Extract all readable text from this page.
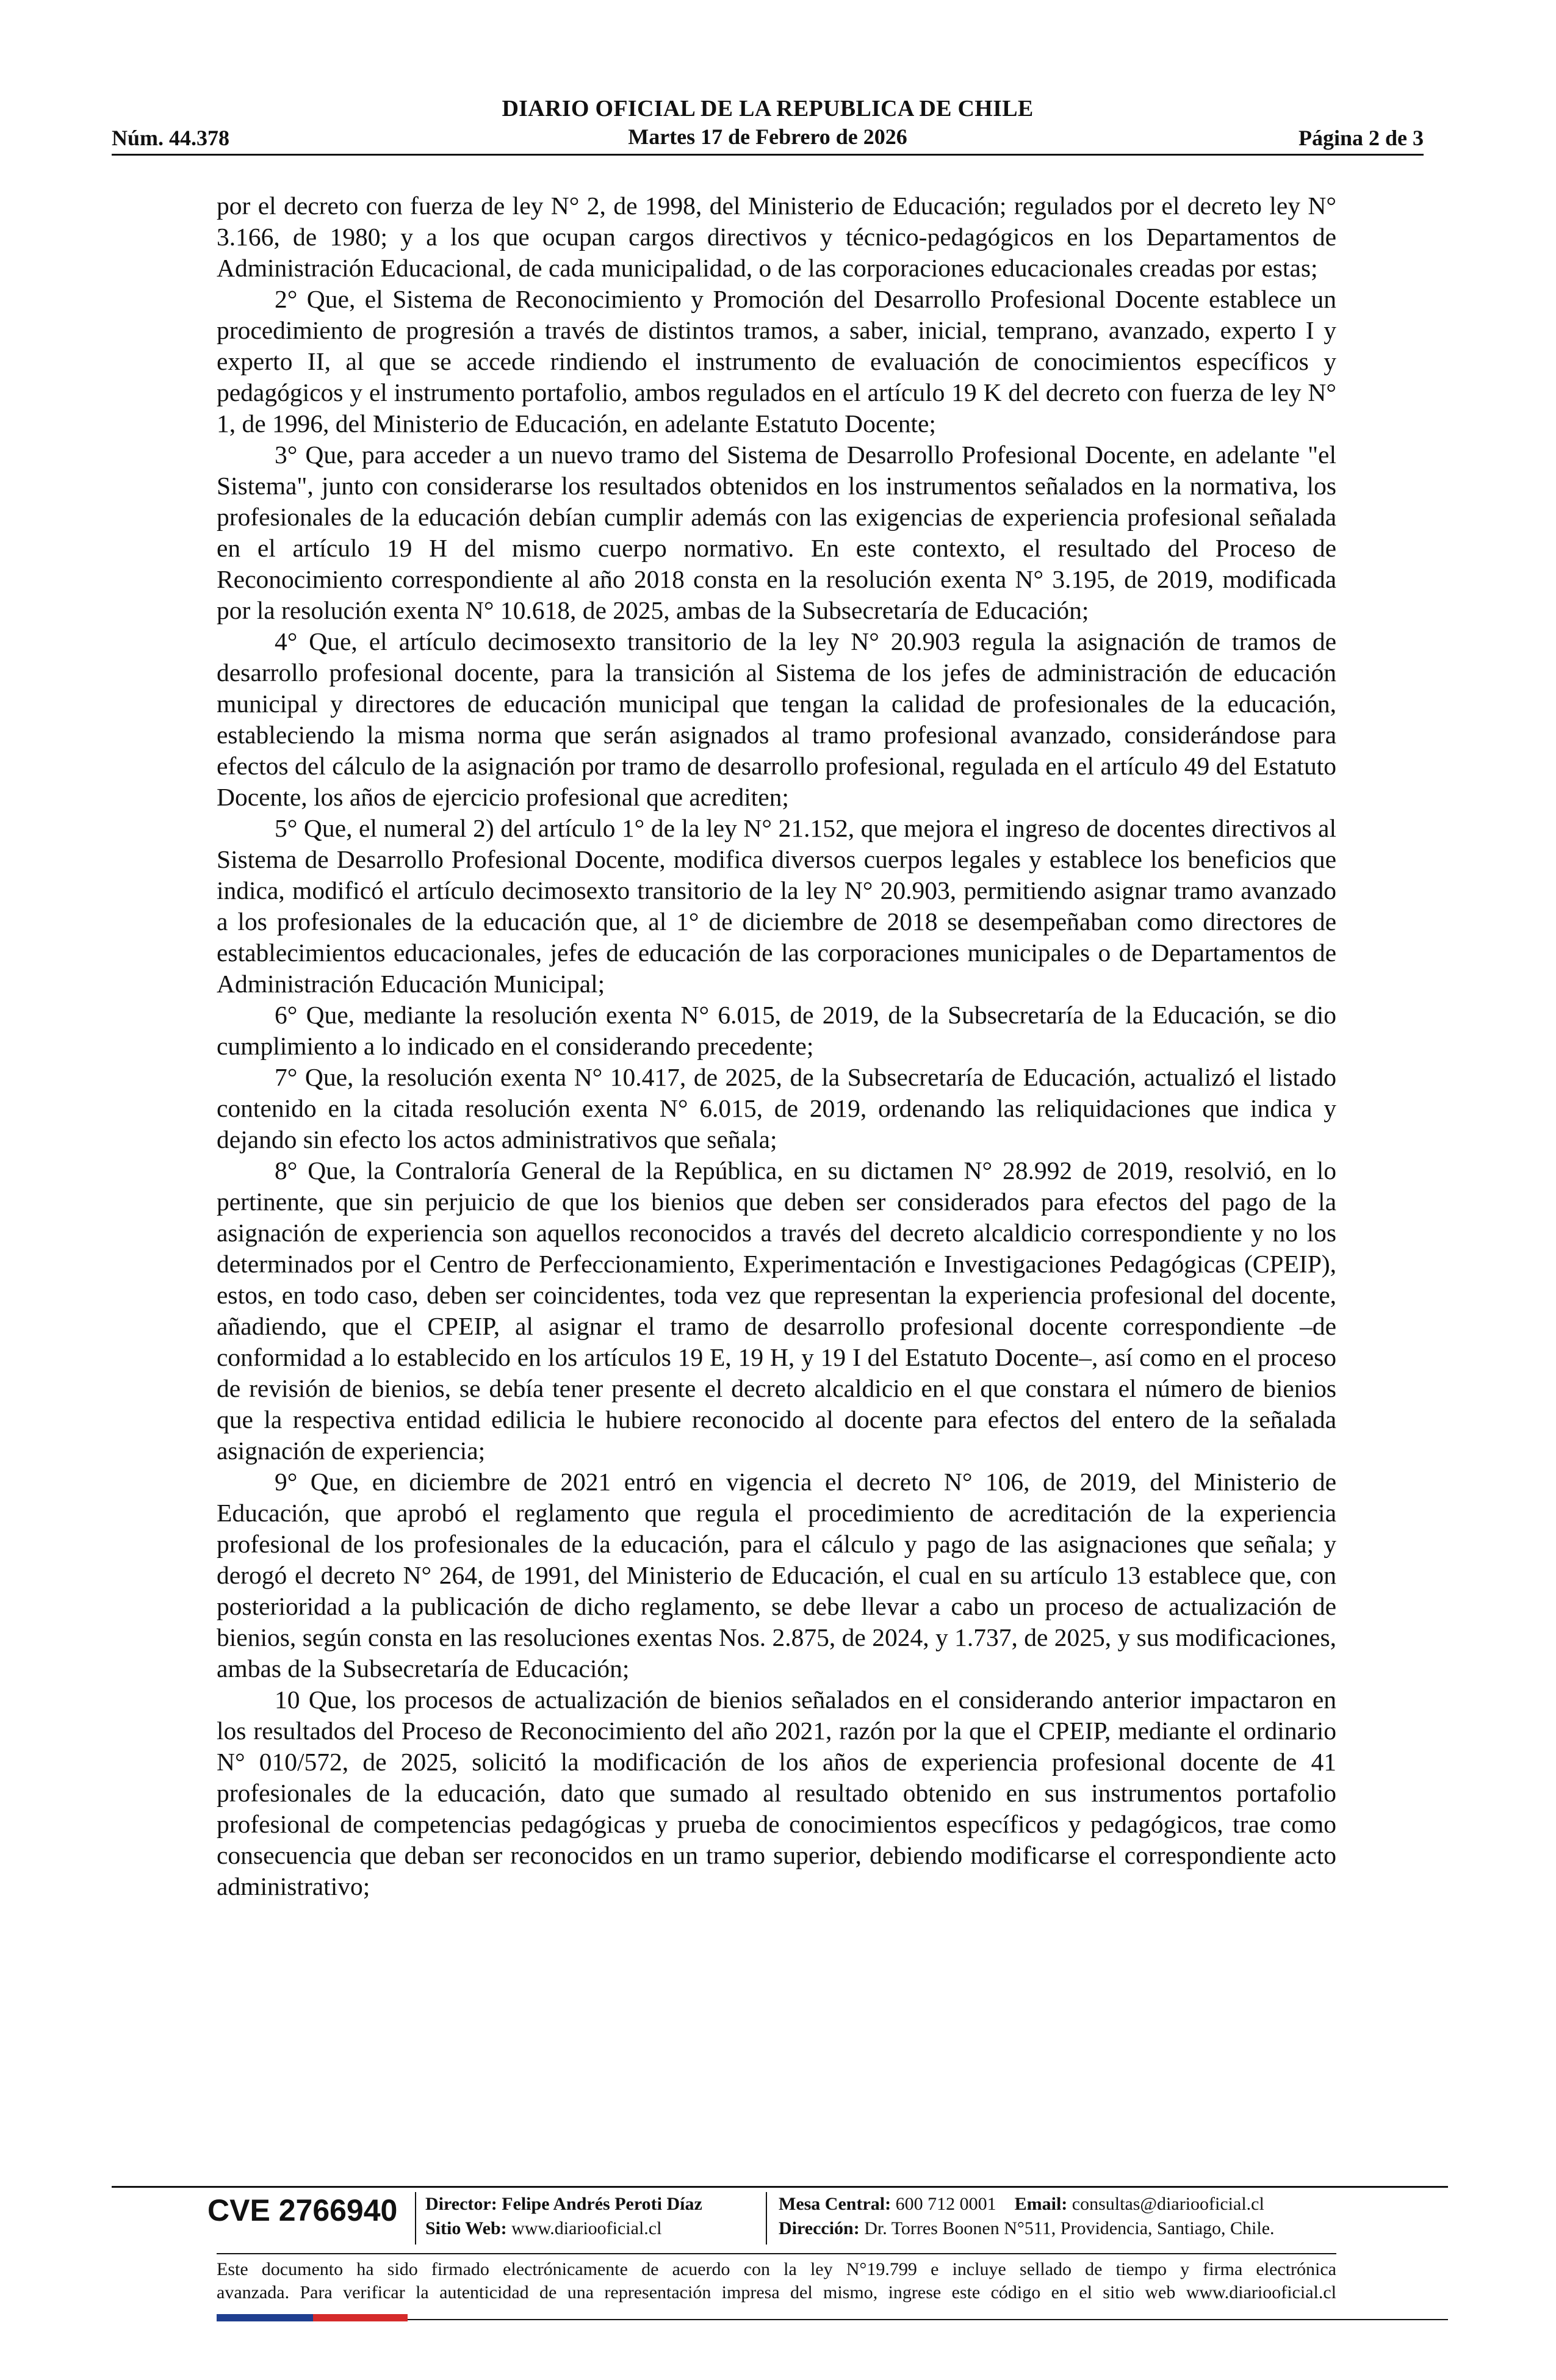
DIARIO OFICIAL DE LA REPUBLICA DE CHILE
Martes 17 de Febrero de 2026
Núm. 44.378	Página 2 de 3

por el decreto con fuerza de ley N° 2, de 1998, del Ministerio de Educación; regulados por el decreto ley N° 3.166, de 1980; y a los que ocupan cargos directivos y técnico-pedagógicos en los Departamentos de Administración Educacional, de cada municipalidad, o de las corporaciones educacionales creadas por estas;

2° Que, el Sistema de Reconocimiento y Promoción del Desarrollo Profesional Docente establece un procedimiento de progresión a través de distintos tramos, a saber, inicial, temprano, avanzado, experto I y experto II, al que se accede rindiendo el instrumento de evaluación de conocimientos específicos y pedagógicos y el instrumento portafolio, ambos regulados en el artículo 19 K del decreto con fuerza de ley N° 1, de 1996, del Ministerio de Educación, en adelante Estatuto Docente;

3° Que, para acceder a un nuevo tramo del Sistema de Desarrollo Profesional Docente, en adelante "el Sistema", junto con considerarse los resultados obtenidos en los instrumentos señalados en la normativa, los profesionales de la educación debían cumplir además con las exigencias de experiencia profesional señalada en el artículo 19 H del mismo cuerpo normativo. En este contexto, el resultado del Proceso de Reconocimiento correspondiente al año 2018 consta en la resolución exenta N° 3.195, de 2019, modificada por la resolución exenta N° 10.618, de 2025, ambas de la Subsecretaría de Educación;

4° Que, el artículo decimosexto transitorio de la ley N° 20.903 regula la asignación de tramos de desarrollo profesional docente, para la transición al Sistema de los jefes de administración de educación municipal y directores de educación municipal que tengan la calidad de profesionales de la educación, estableciendo la misma norma que serán asignados al tramo profesional avanzado, considerándose para efectos del cálculo de la asignación por tramo de desarrollo profesional, regulada en el artículo 49 del Estatuto Docente, los años de ejercicio profesional que acrediten;

5° Que, el numeral 2) del artículo 1° de la ley N° 21.152, que mejora el ingreso de docentes directivos al Sistema de Desarrollo Profesional Docente, modifica diversos cuerpos legales y establece los beneficios que indica, modificó el artículo decimosexto transitorio de la ley N° 20.903, permitiendo asignar tramo avanzado a los profesionales de la educación que, al 1° de diciembre de 2018 se desempeñaban como directores de establecimientos educacionales, jefes de educación de las corporaciones municipales o de Departamentos de Administración Educación Municipal;

6° Que, mediante la resolución exenta N° 6.015, de 2019, de la Subsecretaría de la Educación, se dio cumplimiento a lo indicado en el considerando precedente;

7° Que, la resolución exenta N° 10.417, de 2025, de la Subsecretaría de Educación, actualizó el listado contenido en la citada resolución exenta N° 6.015, de 2019, ordenando las reliquidaciones que indica y dejando sin efecto los actos administrativos que señala;

8° Que, la Contraloría General de la República, en su dictamen N° 28.992 de 2019, resolvió, en lo pertinente, que sin perjuicio de que los bienios que deben ser considerados para efectos del pago de la asignación de experiencia son aquellos reconocidos a través del decreto alcaldicio correspondiente y no los determinados por el Centro de Perfeccionamiento, Experimentación e Investigaciones Pedagógicas (CPEIP), estos, en todo caso, deben ser coincidentes, toda vez que representan la experiencia profesional del docente, añadiendo, que el CPEIP, al asignar el tramo de desarrollo profesional docente correspondiente –de conformidad a lo establecido en los artículos 19 E, 19 H, y 19 I del Estatuto Docente–, así como en el proceso de revisión de bienios, se debía tener presente el decreto alcaldicio en el que constara el número de bienios que la respectiva entidad edilicia le hubiere reconocido al docente para efectos del entero de la señalada asignación de experiencia;

9° Que, en diciembre de 2021 entró en vigencia el decreto N° 106, de 2019, del Ministerio de Educación, que aprobó el reglamento que regula el procedimiento de acreditación de la experiencia profesional de los profesionales de la educación, para el cálculo y pago de las asignaciones que señala; y derogó el decreto N° 264, de 1991, del Ministerio de Educación, el cual en su artículo 13 establece que, con posterioridad a la publicación de dicho reglamento, se debe llevar a cabo un proceso de actualización de bienios, según consta en las resoluciones exentas Nos. 2.875, de 2024, y 1.737, de 2025, y sus modificaciones, ambas de la Subsecretaría de Educación;

10 Que, los procesos de actualización de bienios señalados en el considerando anterior impactaron en los resultados del Proceso de Reconocimiento del año 2021, razón por la que el CPEIP, mediante el ordinario N° 010/572, de 2025, solicitó la modificación de los años de experiencia profesional docente de 41 profesionales de la educación, dato que sumado al resultado obtenido en sus instrumentos portafolio profesional de competencias pedagógicas y prueba de conocimientos específicos y pedagógicos, trae como consecuencia que deban ser reconocidos en un tramo superior, debiendo modificarse el correspondiente acto administrativo;

CVE 2766940 Director: Felipe Andrés Peroti Díaz
Sitio Web: www.diariooficial.cl
Mesa Central: 600 712 0001 Email: consultas@diariooficial.cl
Dirección: Dr. Torres Boonen N°511, Providencia, Santiago, Chile.
Este documento ha sido firmado electrónicamente de acuerdo con la ley N°19.799 e incluye sellado de tiempo y firma electrónica
avanzada. Para verificar la autenticidad de una representación impresa del mismo, ingrese este código en el sitio web www.diariooficial.cl
